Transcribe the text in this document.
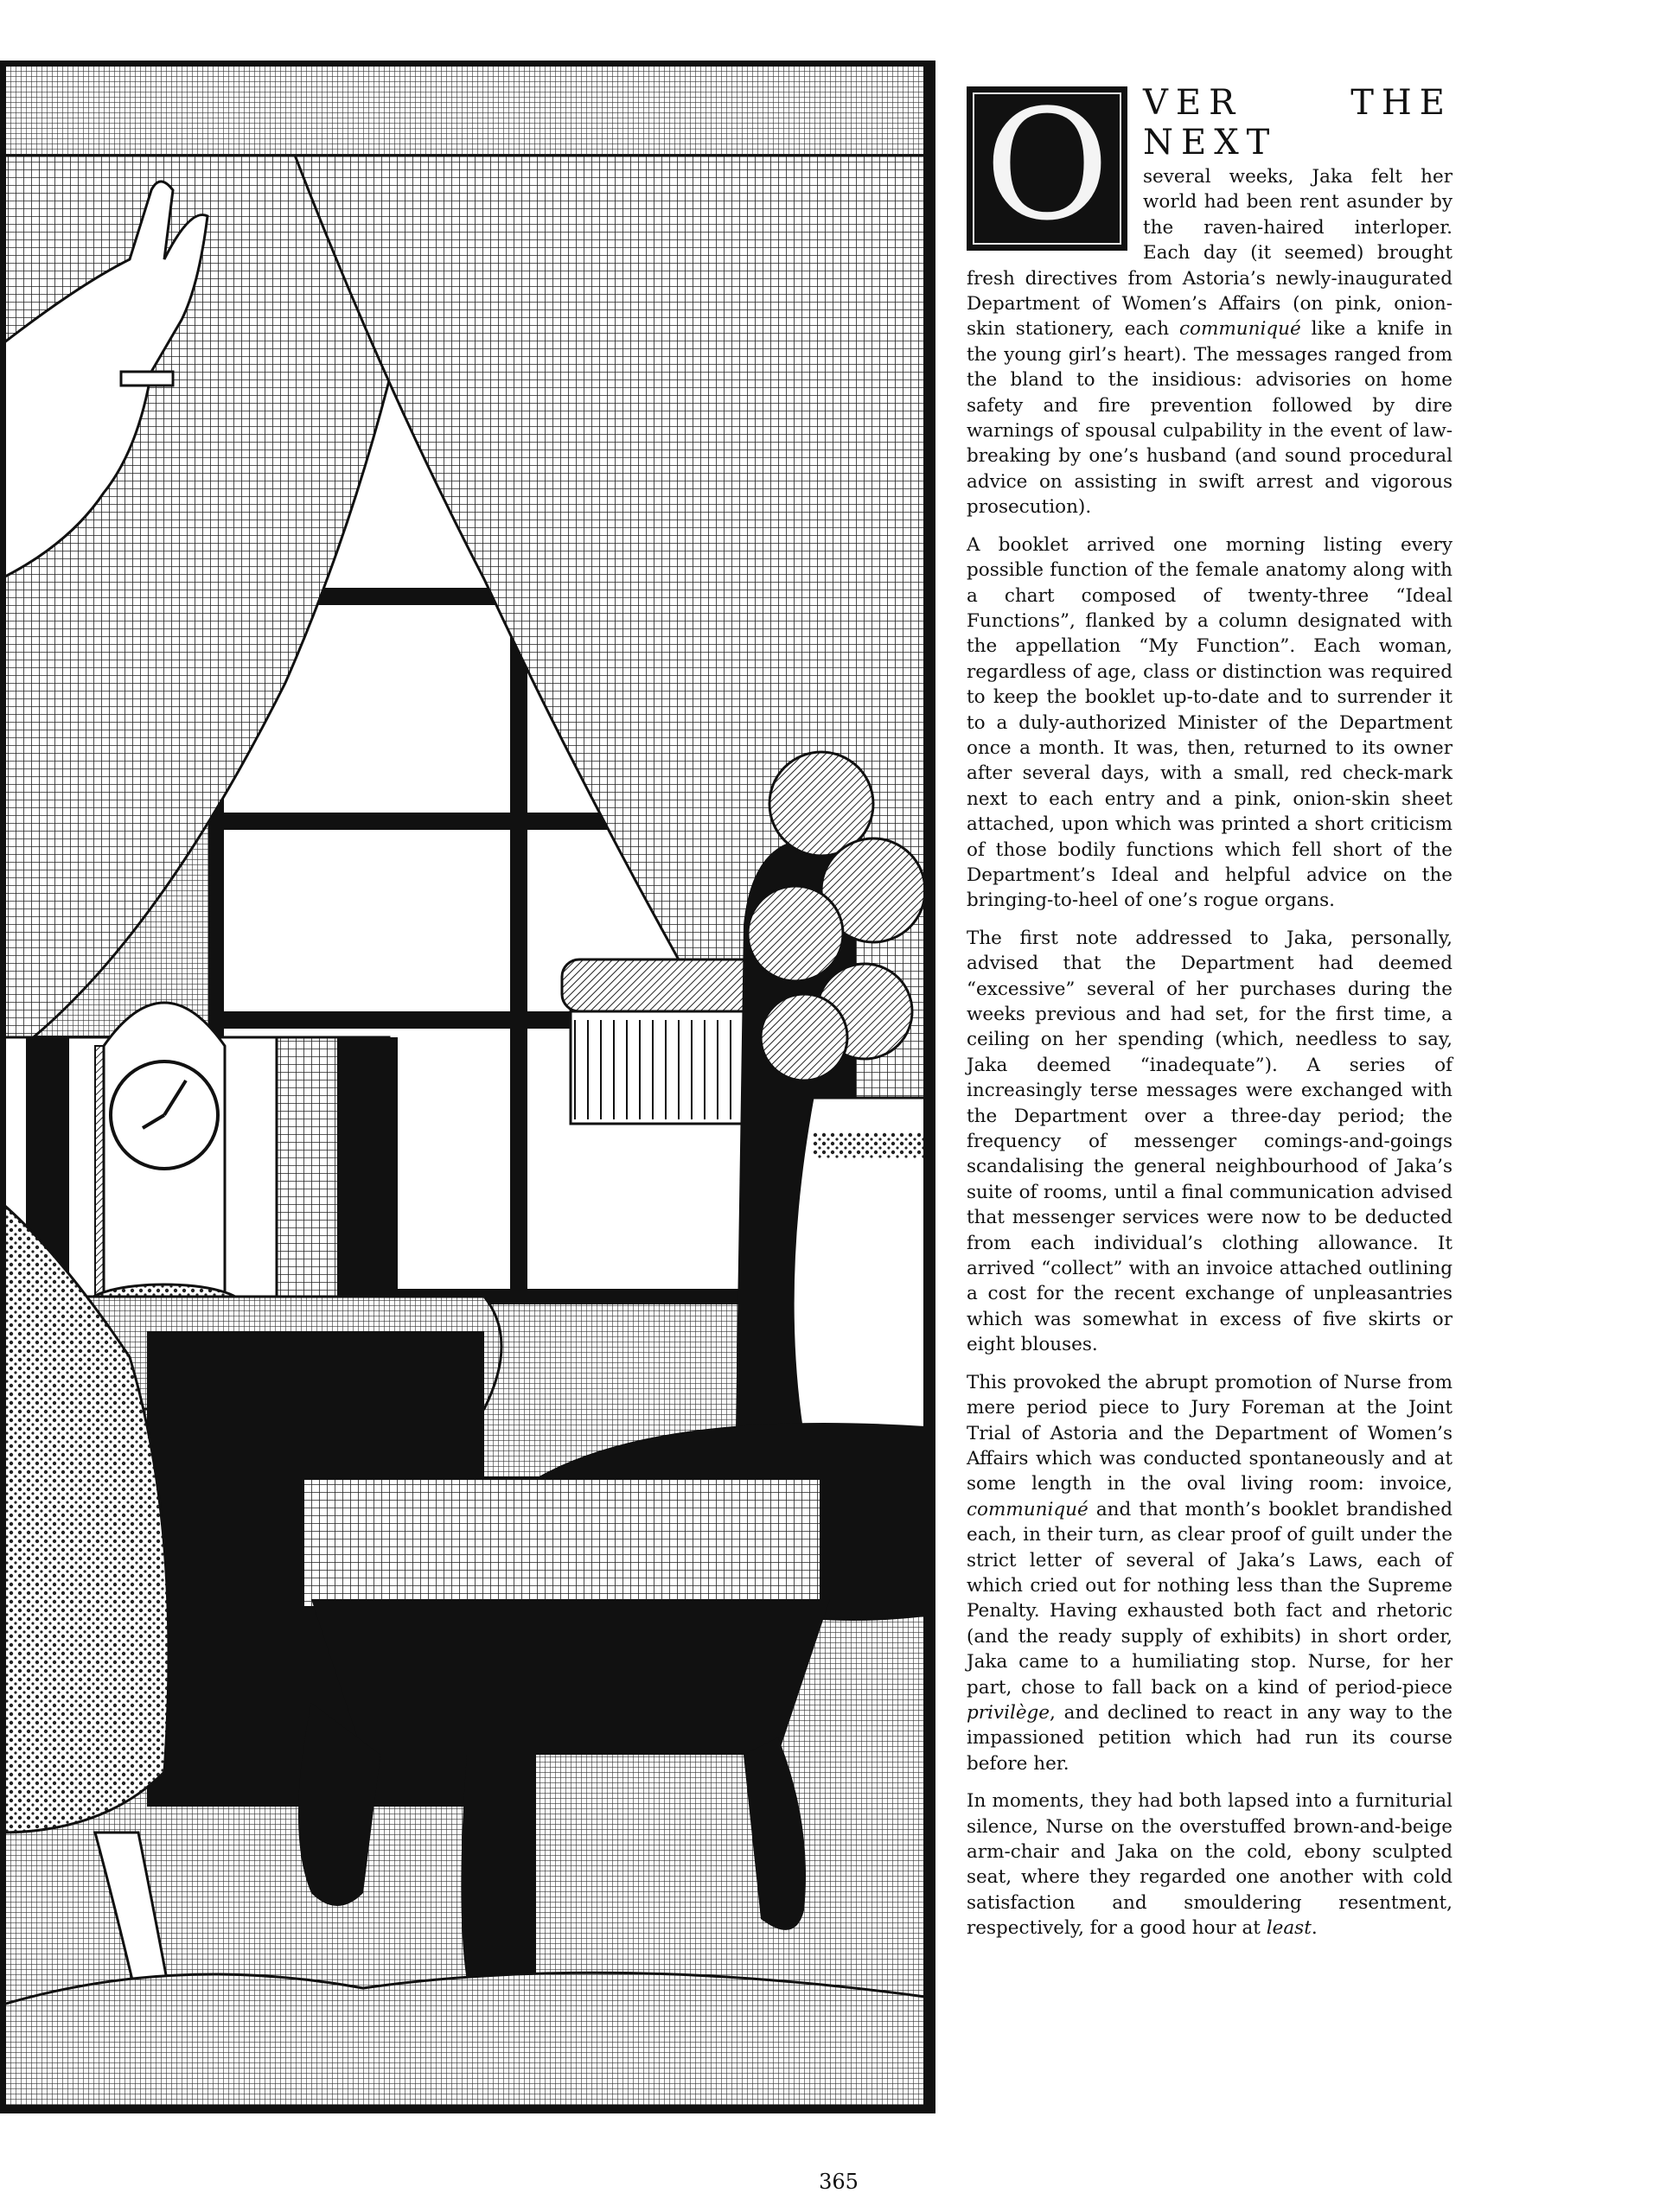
O VER THE NEXT
several weeks, Jaka felt her world had been rent asunder by the raven-haired interloper. Each day (it seemed) brought fresh directives from Astoria’s newly-inaugurated Department of Women’s Affairs (on pink, onion-skin stationery, each communiqué like a knife in the young girl’s heart). The messages ranged from the bland to the insidious: advisories on home safety and fire prevention followed by dire warnings of spousal culpability in the event of law-breaking by one’s husband (and sound procedural advice on assisting in swift arrest and vigorous prosecution).

A booklet arrived one morning listing every possible function of the female anatomy along with a chart composed of twenty-three “Ideal Functions”, flanked by a column designated with the appellation “My Function”. Each woman, regardless of age, class or distinction was required to keep the booklet up-to-date and to surrender it to a duly-authorized Minister of the Department once a month. It was, then, returned to its owner after several days, with a small, red check-mark next to each entry and a pink, onion-skin sheet attached, upon which was printed a short criticism of those bodily functions which fell short of the Department’s Ideal and helpful advice on the bringing-to-heel of one’s rogue organs.

The first note addressed to Jaka, personally, advised that the Department had deemed “excessive” several of her purchases during the weeks previous and had set, for the first time, a ceiling on her spending (which, needless to say, Jaka deemed “inadequate”). A series of increasingly terse messages were exchanged with the Department over a three-day period; the frequency of messenger comings-and-goings scandalising the general neighbourhood of Jaka’s suite of rooms, until a final communication advised that messenger services were now to be deducted from each individual’s clothing allowance. It arrived “collect” with an invoice attached outlining a cost for the recent exchange of unpleasantries which was somewhat in excess of five skirts or eight blouses.

This provoked the abrupt promotion of Nurse from mere period piece to Jury Foreman at the Joint Trial of Astoria and the Department of Women’s Affairs which was conducted spontaneously and at some length in the oval living room: invoice, communiqué and that month’s booklet brandished each, in their turn, as clear proof of guilt under the strict letter of several of Jaka’s Laws, each of which cried out for nothing less than the Supreme Penalty. Having exhausted both fact and rhetoric (and the ready supply of exhibits) in short order, Jaka came to a humiliating stop. Nurse, for her part, chose to fall back on a kind of period-piece privilège, and declined to react in any way to the impassioned petition which had run its course before her.

In moments, they had both lapsed into a furniturial silence, Nurse on the overstuffed brown-and-beige arm-chair and Jaka on the cold, ebony sculpted seat, where they regarded one another with cold satisfaction and smouldering resentment, respectively, for a good hour at least.

365
